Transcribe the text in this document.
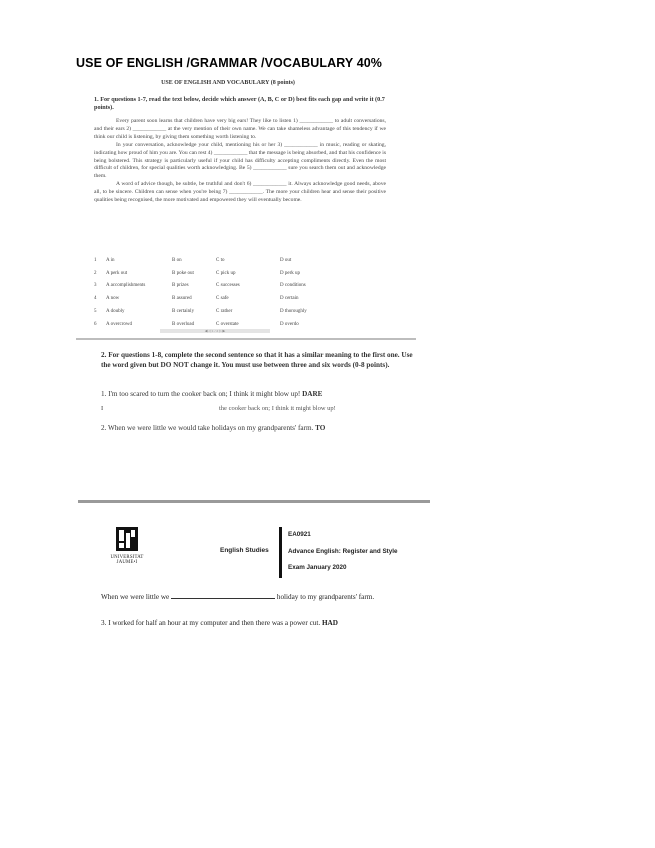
USE OF ENGLISH /GRAMMAR /VOCABULARY 40%
USE OF ENGLISH AND VOCABULARY (8 points)
1. For questions 1-7, read the text below, decide which answer (A, B, C or D) best fits each gap and write it (0.7 points).

Every parent soon learns that children have very big ears! They like to listen 1) ____________ to adult conversations, and their ears 2) ____________ at the very mention of their own name. We can take shameless advantage of this tendency if we think our child is listening, by giving them something worth listening to.

In your conversation, acknowledge your child, mentioning his or her 3) ____________ in music, reading or skating, indicating how proud of him you are. You can rest 4) ____________ that the message is being absorbed, and that his confidence is being bolstered. This strategy is particularly useful if your child has difficulty accepting compliments directly. Even the most difficult of children, for special qualities worth acknowledging. Be 5) ____________ sure you search them out and acknowledge them.

A word of advice though, be subtle, be truthful and don't 6) ____________ it. Always acknowledge good needs, above all, to be sincere. Children can sense when you're being 7) ____________. The more your children hear and sense their positive qualities being recognised, the more motivated and empowered they will eventually become.

1	A in	B on	C to	D out
2	A perk out	B poke out	C pick up	D perk up
3	A accomplishments	B prizes	C successes	D conditions
4	A now	B assured	C safe	D certain
5	A doubly	B certainly	C rather	D thoroughly
6	A overcrowd	B overload	C overstate	D overdo
◀ ◁ 1 / 2 ▷ ▶
2. For questions 1-8, complete the second sentence so that it has a similar meaning to the first one. Use the word given but DO NOT change it. You must use between three and six words (0-8 points).
1. I'm too scared to turn the cooker back on; I think it might blow up! DARE
I	the cooker back on; I think it might blow up!
2. When we were little we would take holidays on my grandparents' farm. TO
UNIVERSITAT JAUME•I
English Studies
EA0921
Advance English: Register and Style
Exam January 2020
When we were little we	holiday to my grandparents' farm.
3. I worked for half an hour at my computer and then there was a power cut. HAD
